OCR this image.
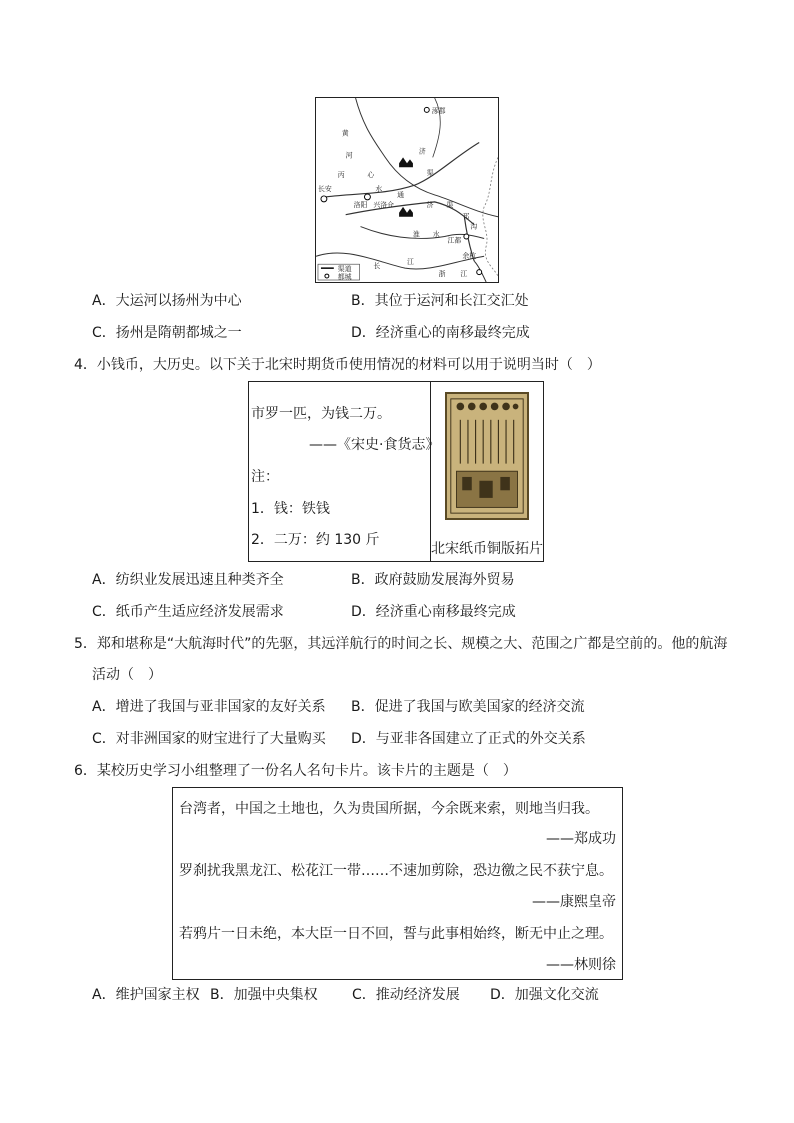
涿郡
黄
河	济
丙	心	渠
长安	水
通
洛阳 兴洛仓	济 渠
淮 水
江都
邗
沟
余杭
长	江
浙 江
渠道
都城
A．大运河以扬州为中心	B．其位于运河和长江交汇处
C．扬州是隋朝都城之一	D．经济重心的南移最终完成
4．小钱币，大历史。以下关于北宋时期货币使用情况的材料可以用于说明当时（　）
市罗一匹，为钱二万。
——《宋史·食货志》
注：
1．钱：铁钱
2．二万：约 130 斤
北宋纸币铜版拓片
A．纺织业发展迅速且种类齐全	B．政府鼓励发展海外贸易
C．纸币产生适应经济发展需求	D．经济重心南移最终完成
5．郑和堪称是“大航海时代”的先驱，其远洋航行的时间之长、规模之大、范围之广都是空前的。他的航海
活动（　）
A．增进了我国与亚非国家的友好关系 B．促进了我国与欧美国家的经济交流
C．对非洲国家的财宝进行了大量购买 D．与亚非各国建立了正式的外交关系
6．某校历史学习小组整理了一份名人名句卡片。该卡片的主题是（　）
台湾者，中国之土地也，久为贵国所据，今余既来索，则地当归我。
——郑成功
罗刹扰我黑龙江、松花江一带……不速加剪除，恐边徼之民不获宁息。
——康熙皇帝
若鸦片一日未绝，本大臣一日不回，誓与此事相始终，断无中止之理。
——林则徐
A．维护国家主权 B．加强中央集权 C．推动经济发展 D．加强文化交流
